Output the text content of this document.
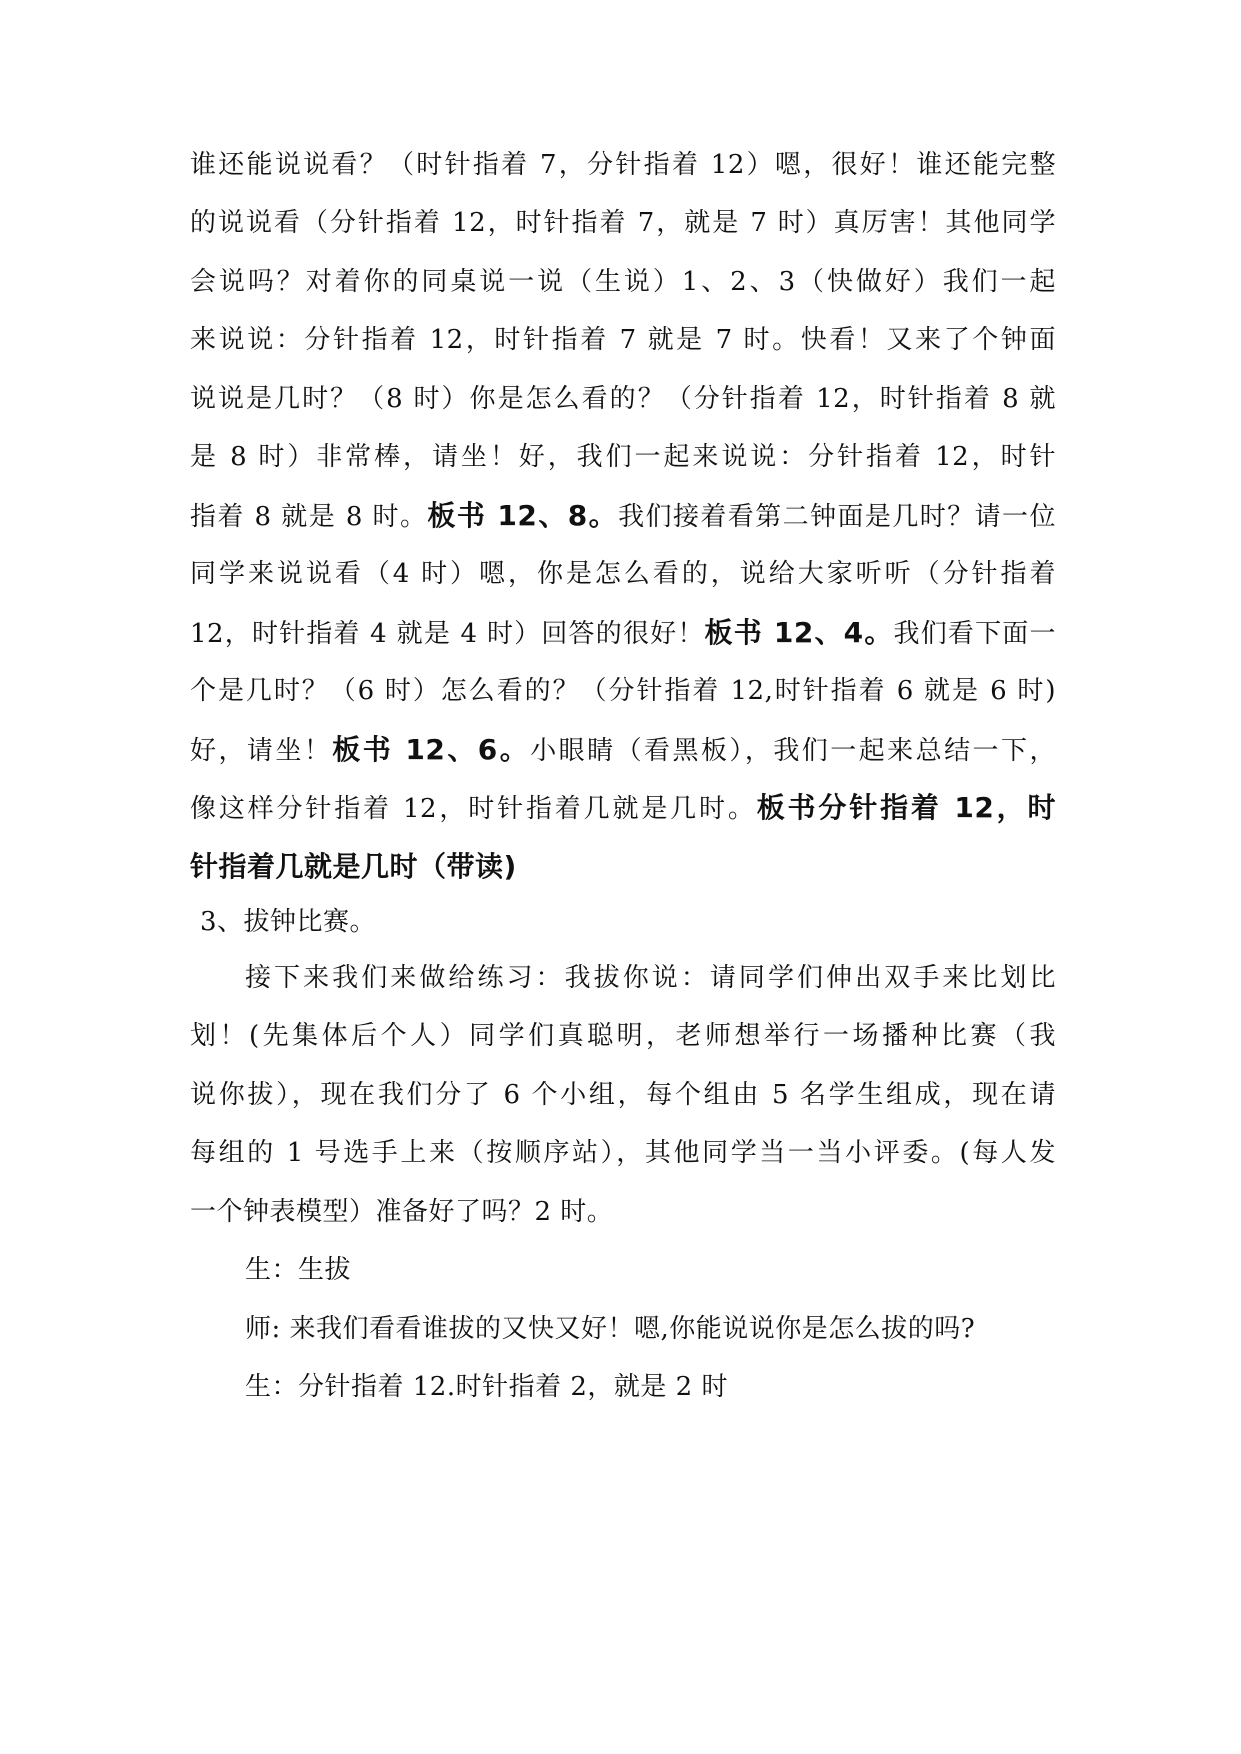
谁还能说说看？（时针指着 7，分针指着 12）嗯，很好！谁还能完整
的说说看（分针指着 12，时针指着 7，就是 7 时）真厉害！其他同学
会说吗？对着你的同桌说一说（生说）1、2、3（快做好）我们一起
来说说：分针指着 12，时针指着 7 就是 7 时。快看！又来了个钟面
说说是几时？（8 时）你是怎么看的？（分针指着 12，时针指着 8 就
是 8 时）非常棒，请坐！好，我们一起来说说：分针指着 12，时针
指着 8 就是 8 时。板书 12、8。我们接着看第二钟面是几时？请一位
同学来说说看（4 时）嗯，你是怎么看的，说给大家听听（分针指着
12，时针指着 4 就是 4 时）回答的很好！板书 12、4。我们看下面一
个是几时？（6 时）怎么看的？（分针指着 12,时针指着 6 就是 6 时)
好，请坐！板书 12、6。小眼睛（看黑板），我们一起来总结一下，
像这样分针指着 12，时针指着几就是几时。板书分针指着 12，时
针指着几就是几时（带读)
3、拔钟比赛。
接下来我们来做给练习：我拔你说：请同学们伸出双手来比划比
划！(先集体后个人）同学们真聪明，老师想举行一场播种比赛（我
说你拔），现在我们分了 6 个小组，每个组由 5 名学生组成，现在请
每组的 1 号选手上来（按顺序站），其他同学当一当小评委。(每人发
一个钟表模型）准备好了吗？2 时。
生：生拔
师: 来我们看看谁拔的又快又好！嗯,你能说说你是怎么拔的吗?
生：分针指着 12.时针指着 2，就是 2 时
